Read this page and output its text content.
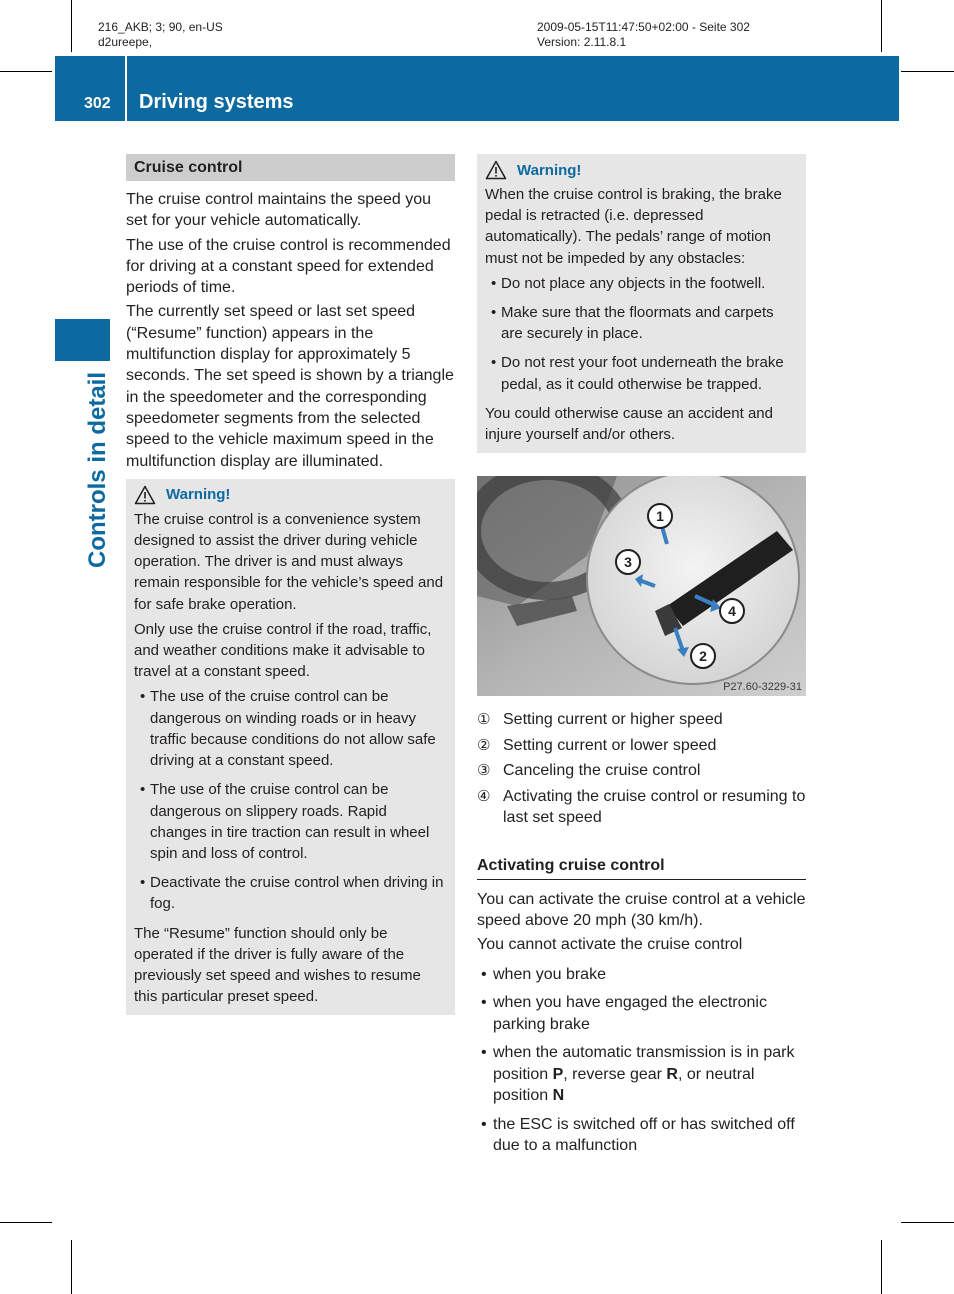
216_AKB; 3; 90, en-US
d2ureepe,
2009-05-15T11:47:50+02:00 - Seite 302
Version: 2.11.8.1
302 Driving systems
Controls in detail
Cruise control

The cruise control maintains the speed you set for your vehicle automatically.

The use of the cruise control is recommended for driving at a constant speed for extended periods of time.

The currently set speed or last set speed (“Resume” function) appears in the multifunction display for approximately 5 seconds. The set speed is shown by a triangle in the speedometer and the corresponding speedometer segments from the selected speed to the vehicle maximum speed in the multifunction display are illuminated.

Warning!

The cruise control is a convenience system designed to assist the driver during vehicle operation. The driver is and must always remain responsible for the vehicle’s speed and for safe brake operation.

Only use the cruise control if the road, traffic, and weather conditions make it advisable to travel at a constant speed.

• The use of the cruise control can be dangerous on winding roads or in heavy traffic because conditions do not allow safe driving at a constant speed.
• The use of the cruise control can be dangerous on slippery roads. Rapid changes in tire traction can result in wheel spin and loss of control.
• Deactivate the cruise control when driving in fog.

The “Resume” function should only be operated if the driver is fully aware of the previously set speed and wishes to resume this particular preset speed.

Warning!

When the cruise control is braking, the brake pedal is retracted (i.e. depressed automatically). The pedals’ range of motion must not be impeded by any obstacles:

• Do not place any objects in the footwell.
• Make sure that the floormats and carpets are securely in place.
• Do not rest your foot underneath the brake pedal, as it could otherwise be trapped.

You could otherwise cause an accident and injure yourself and/or others.

1
2
3
4
P27.60-3229-31
① Setting current or higher speed
② Setting current or lower speed
③ Canceling the cruise control
④ Activating the cruise control or resuming to last set speed
Activating cruise control

You can activate the cruise control at a vehicle speed above 20 mph (30 km/h).

You cannot activate the cruise control

• when you brake
• when you have engaged the electronic parking brake
• when the automatic transmission is in park position P, reverse gear R, or neutral position N
• the ESC is switched off or has switched off due to a malfunction
